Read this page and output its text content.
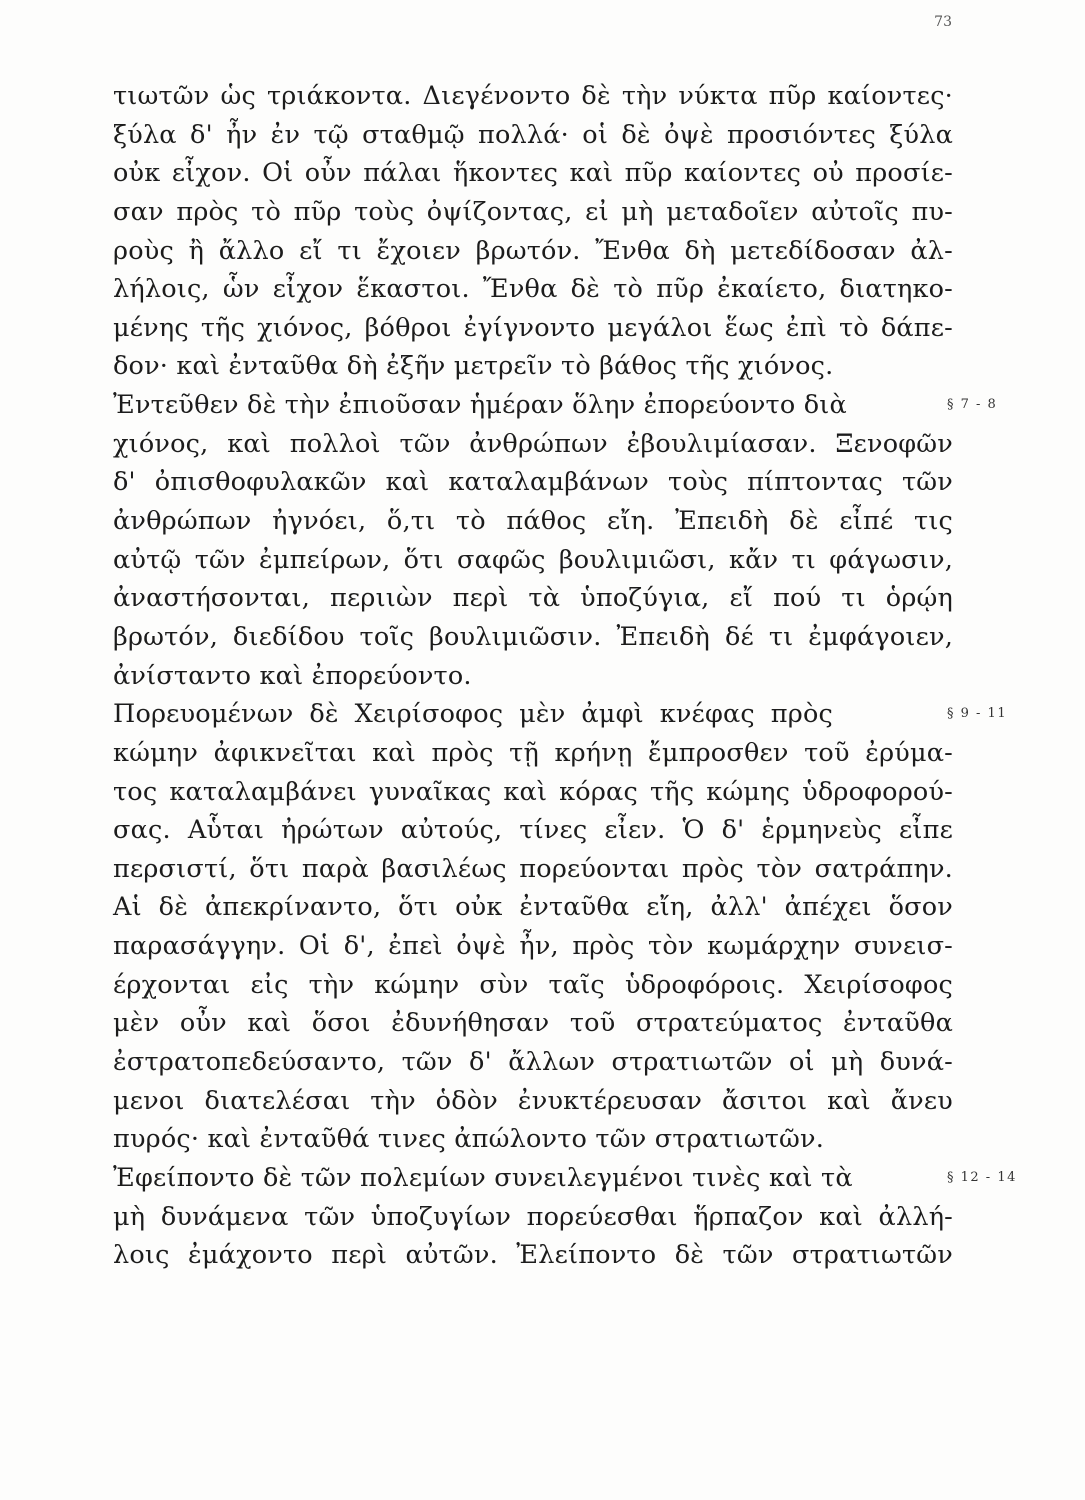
73
τιωτῶν ὡς τριάκοντα. Διεγένοντο δὲ τὴν νύκτα πῦρ καίοντες·
ξύλα δ' ἦν ἐν τῷ σταθμῷ πολλά· οἱ δὲ ὀψὲ προσιόντες ξύλα
οὐκ εἶχον. Οἱ οὖν πάλαι ἥκοντες καὶ πῦρ καίοντες οὐ προσίε-
σαν πρὸς τὸ πῦρ τοὺς ὀψίζοντας, εἰ μὴ μεταδοῖεν αὐτοῖς πυ-
ροὺς ἢ ἄλλο εἴ τι ἔχοιεν βρωτόν. Ἔνθα δὴ μετεδίδοσαν ἀλ-
λήλοις, ὧν εἶχον ἕκαστοι. Ἔνθα δὲ τὸ πῦρ ἐκαίετο, διατηκο-
μένης τῆς χιόνος, βόθροι ἐγίγνοντο μεγάλοι ἕως ἐπὶ τὸ δάπε-
δον· καὶ ἐνταῦθα δὴ ἐξῆν μετρεῖν τὸ βάθος τῆς χιόνος.
Ἐντεῦθεν δὲ τὴν ἐπιοῦσαν ἡμέραν ὅλην ἐπορεύοντο διὰ	§ 7 - 8
χιόνος, καὶ πολλοὶ τῶν ἀνθρώπων ἐβουλιμίασαν. Ξενοφῶν
δ' ὀπισθοφυλακῶν καὶ καταλαμβάνων τοὺς πίπτοντας τῶν
ἀνθρώπων ἠγνόει, ὅ,τι τὸ πάθος εἴη. Ἐπειδὴ δὲ εἶπέ τις
αὐτῷ τῶν ἐμπείρων, ὅτι σαφῶς βουλιμιῶσι, κἄν τι φάγωσιν,
ἀναστήσονται, περιιὼν περὶ τὰ ὑποζύγια, εἴ πού τι ὁρῴη
βρωτόν, διεδίδου τοῖς βουλιμιῶσιν. Ἐπειδὴ δέ τι ἐμφάγοιεν,
ἀνίσταντο καὶ ἐπορεύοντο.
Πορευομένων δὲ Χειρίσοφος μὲν ἀμφὶ κνέφας πρὸς	§ 9 - 11
κώμην ἀφικνεῖται καὶ πρὸς τῇ κρήνῃ ἔμπροσθεν τοῦ ἐρύμα-
τος καταλαμβάνει γυναῖκας καὶ κόρας τῆς κώμης ὑδροφορού-
σας. Αὗται ἠρώτων αὐτούς, τίνες εἶεν. Ὁ δ' ἑρμηνεὺς εἶπε
περσιστί, ὅτι παρὰ βασιλέως πορεύονται πρὸς τὸν σατράπην.
Αἱ δὲ ἀπεκρίναντο, ὅτι οὐκ ἐνταῦθα εἴη, ἀλλ' ἀπέχει ὅσον
παρασάγγην. Οἱ δ', ἐπεὶ ὀψὲ ἦν, πρὸς τὸν κωμάρχην συνεισ-
έρχονται εἰς τὴν κώμην σὺν ταῖς ὑδροφόροις. Χειρίσοφος
μὲν οὖν καὶ ὅσοι ἐδυνήθησαν τοῦ στρατεύματος ἐνταῦθα
ἐστρατοπεδεύσαντο, τῶν δ' ἄλλων στρατιωτῶν οἱ μὴ δυνά-
μενοι διατελέσαι τὴν ὁδὸν ἐνυκτέρευσαν ἄσιτοι καὶ ἄνευ
πυρός· καὶ ἐνταῦθά τινες ἀπώλοντο τῶν στρατιωτῶν.
Ἐφείποντο δὲ τῶν πολεμίων συνειλεγμένοι τινὲς καὶ τὰ	§ 12 - 14
μὴ δυνάμενα τῶν ὑποζυγίων πορεύεσθαι ἥρπαζον καὶ ἀλλή-
λοις ἐμάχοντο περὶ αὐτῶν. Ἐλείποντο δὲ τῶν στρατιωτῶν
